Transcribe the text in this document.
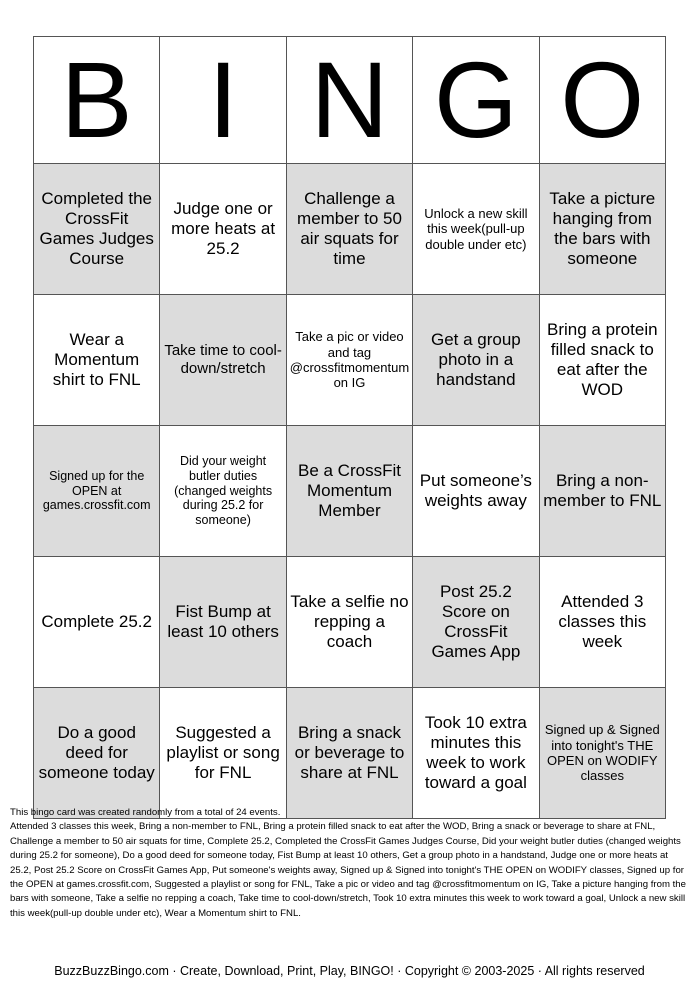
B	I	N	G	O
Completed the CrossFit Games Judges Course	Judge one or more heats at 25.2	Challenge a member to 50 air squats for time	Unlock a new skill this week(pull-up double under etc)	Take a picture hanging from the bars with someone
Wear a Momentum shirt to FNL	Take time to cool-down/stretch	Take a pic or video and tag @crossfitmomentum on IG	Get a group photo in a handstand	Bring a protein filled snack to eat after the WOD
Signed up for the OPEN at games.crossfit.com	Did your weight butler duties (changed weights during 25.2 for someone)	Be a CrossFit Momentum Member	Put someone’s weights away	Bring a non-member to FNL
Complete 25.2	Fist Bump at least 10 others	Take a selfie no repping a coach	Post 25.2 Score on CrossFit Games App	Attended 3 classes this week
Do a good deed for someone today	Suggested a playlist or song for FNL	Bring a snack or beverage to share at FNL	Took 10 extra minutes this week to work toward a goal	Signed up & Signed into tonight's THE OPEN on WODIFY classes

This bingo card was created randomly from a total of 24 events.

Attended 3 classes this week, Bring a non-member to FNL, Bring a protein filled snack to eat after the WOD, Bring a snack or beverage to share at FNL, Challenge a member to 50 air squats for time, Complete 25.2, Completed the CrossFit Games Judges Course, Did your weight butler duties (changed weights during 25.2 for someone), Do a good deed for someone today, Fist Bump at least 10 others, Get a group photo in a handstand, Judge one or more heats at 25.2, Post 25.2 Score on CrossFit Games App, Put someone's weights away, Signed up & Signed into tonight's THE OPEN on WODIFY classes, Signed up for the OPEN at games.crossfit.com, Suggested a playlist or song for FNL, Take a pic or video and tag @crossfitmomentum on IG, Take a picture hanging from the bars with someone, Take a selfie no repping a coach, Take time to cool-down/stretch, Took 10 extra minutes this week to work toward a goal, Unlock a new skill this week(pull-up double under etc), Wear a Momentum shirt to FNL.

BuzzBuzzBingo.com · Create, Download, Print, Play, BINGO! · Copyright © 2003-2025 · All rights reserved
